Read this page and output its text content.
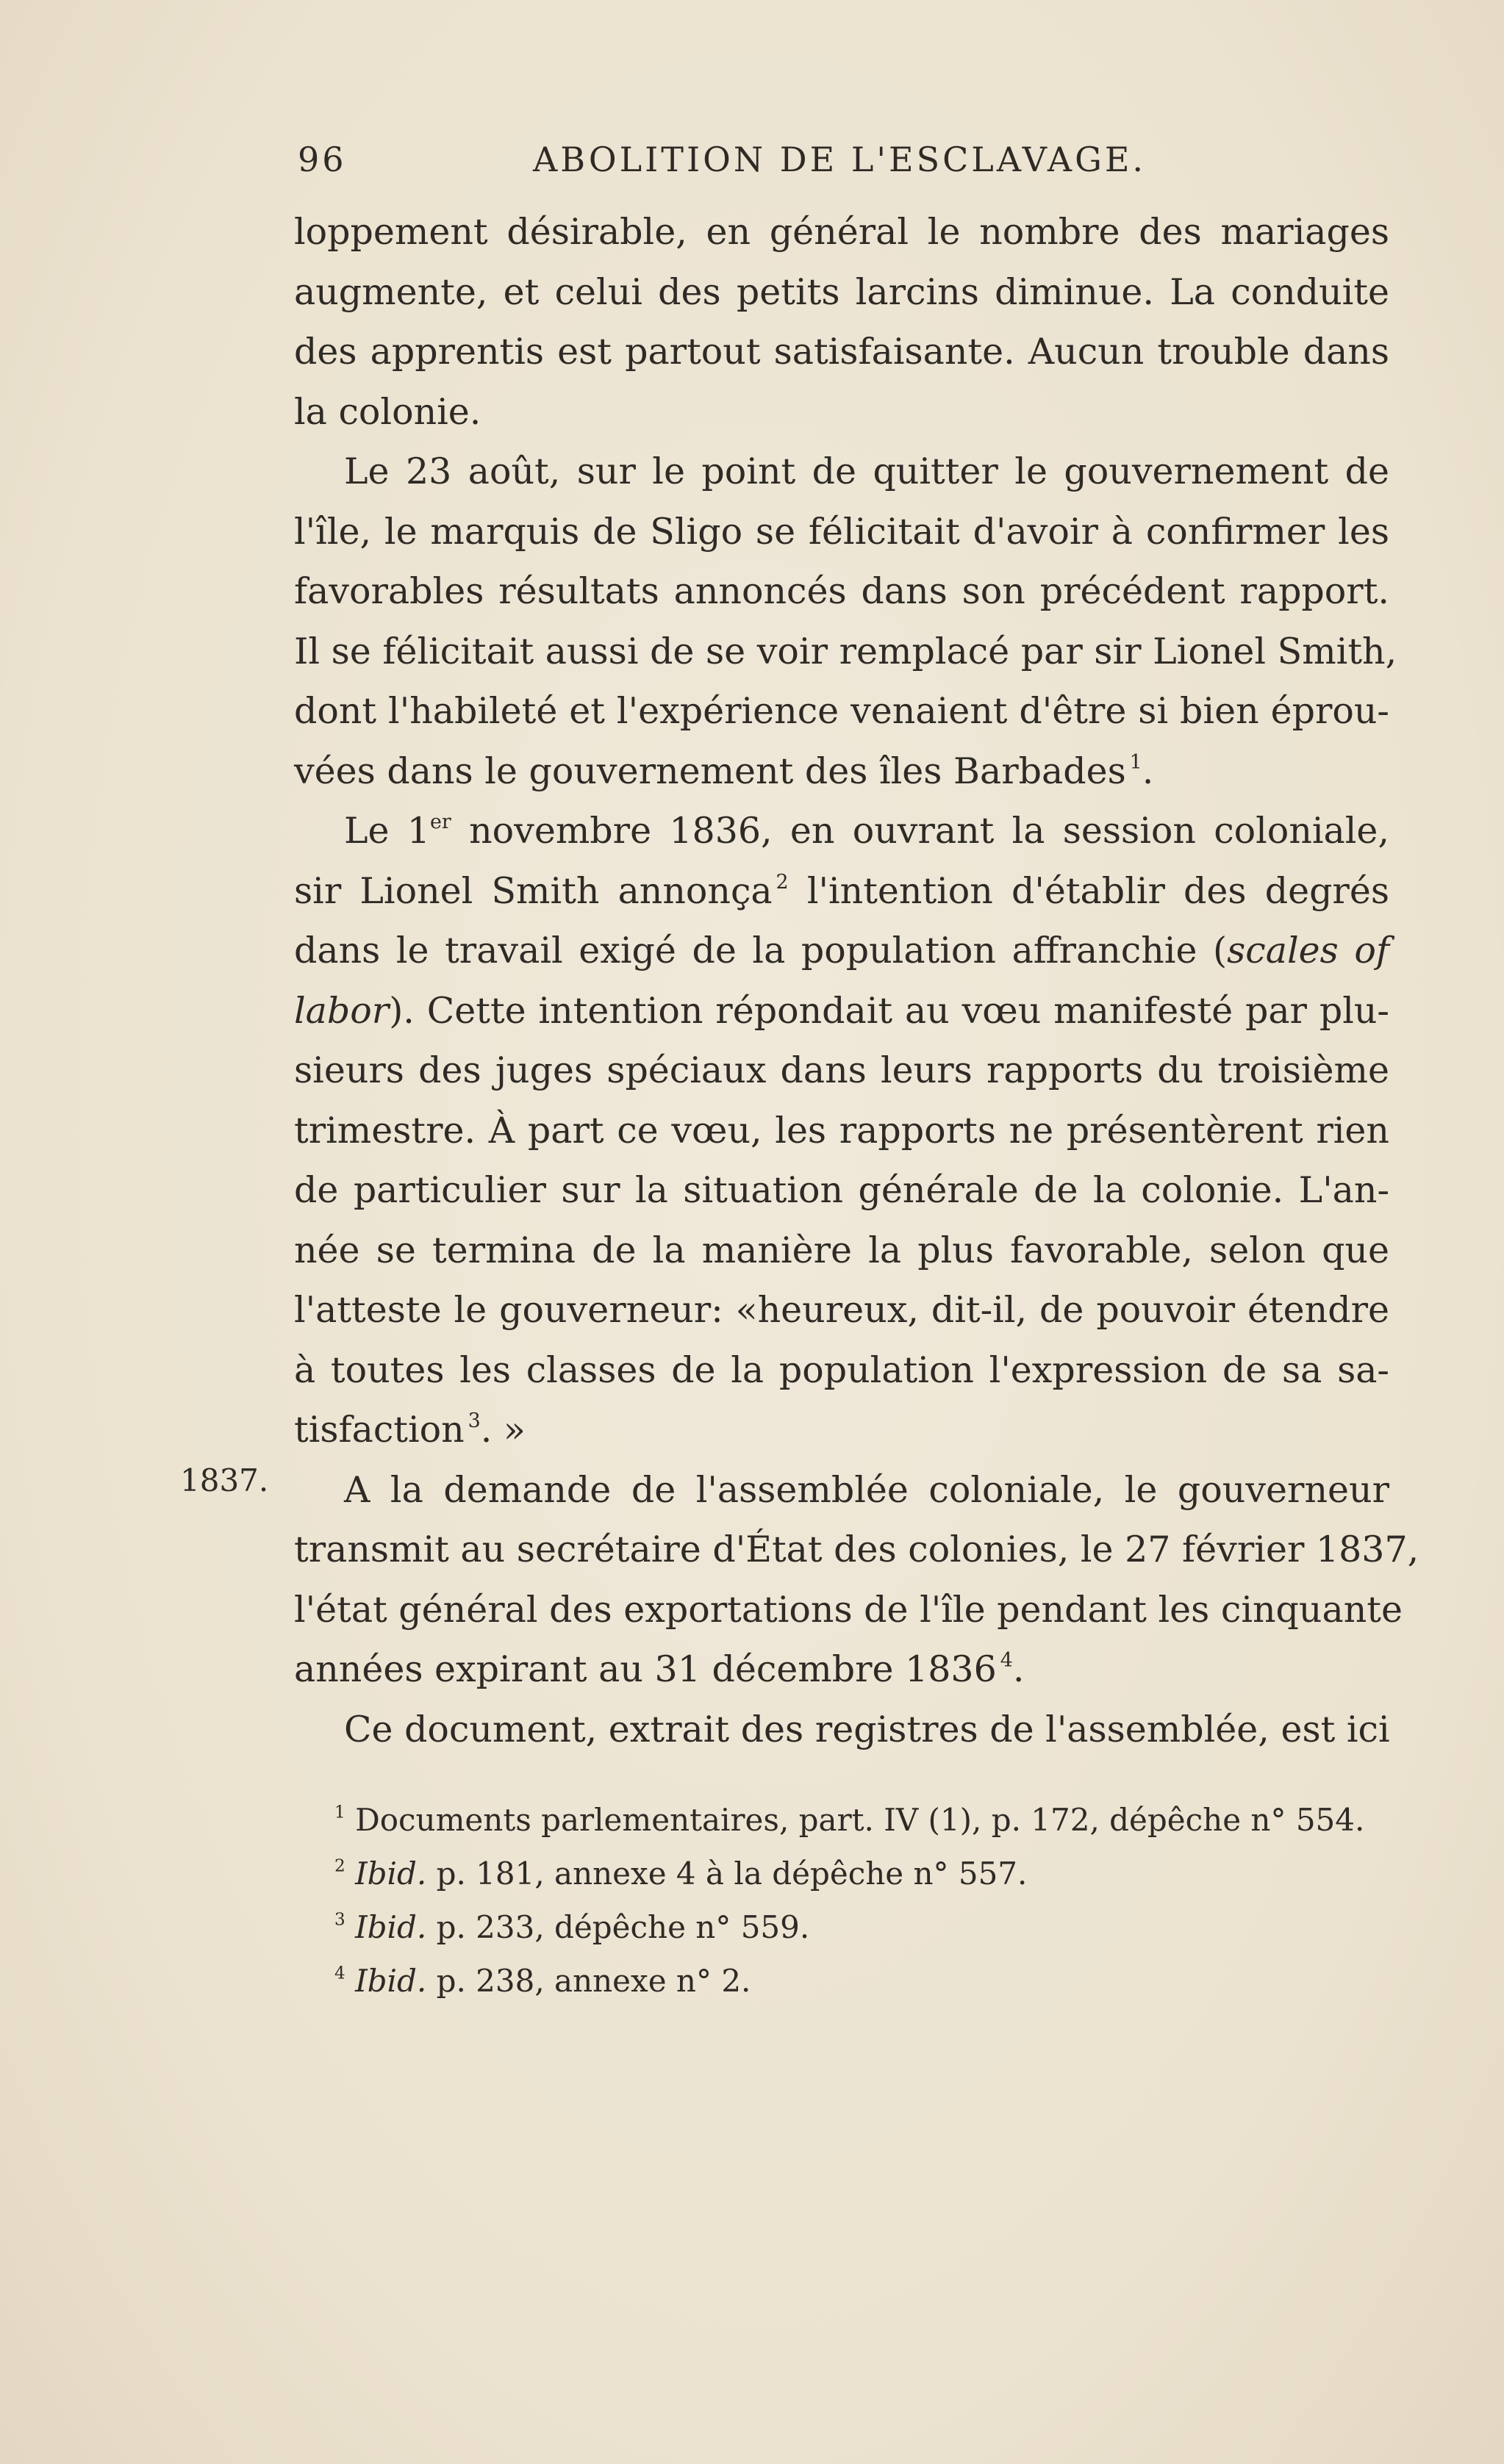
96	ABOLITION DE L'ESCLAVAGE.
1837.
loppement désirable, en général le nombre des mariages
augmente, et celui des petits larcins diminue. La conduite
des apprentis est partout satisfaisante. Aucun trouble dans
la colonie.
Le 23 août, sur le point de quitter le gouvernement de
l'île, le marquis de Sligo se félicitait d'avoir à confirmer les
favorables résultats annoncés dans son précédent rapport.
Il se félicitait aussi de se voir remplacé par sir Lionel Smith,
dont l'habileté et l'expérience venaient d'être si bien éprou-
vées dans le gouvernement des îles Barbades  $^1$.
Le 1er novembre 1836, en ouvrant la session coloniale,
sir Lionel Smith annonça  $^2$ l'intention d'établir des degrés
dans le travail exigé de la population affranchie (scales of
labor). Cette intention répondait au vœu manifesté par plu-
sieurs des juges spéciaux dans leurs rapports du troisième
trimestre. À part ce vœu, les rapports ne présentèrent rien
de particulier sur la situation générale de la colonie. L'an-
née se termina de la manière la plus favorable, selon que
l'atteste le gouverneur: «heureux, dit-il, de pouvoir étendre
à toutes les classes de la population l'expression de sa sa-
tisfaction  $^3$. »
A la demande de l'assemblée coloniale, le gouverneur
transmit au secrétaire d'État des colonies, le 27 février 1837,
l'état général des exportations de l'île pendant les cinquante
années expirant au 31 décembre 1836  $^4$.
Ce document, extrait des registres de l'assemblée, est ici
$^1$ Documents parlementaires, part. IV (1), p. 172, dépêche n° 554.
$^2$ Ibid. p. 181, annexe 4 à la dépêche n° 557.
$^3$ Ibid. p. 233, dépêche n° 559.
$^4$ Ibid. p. 238, annexe n° 2.
